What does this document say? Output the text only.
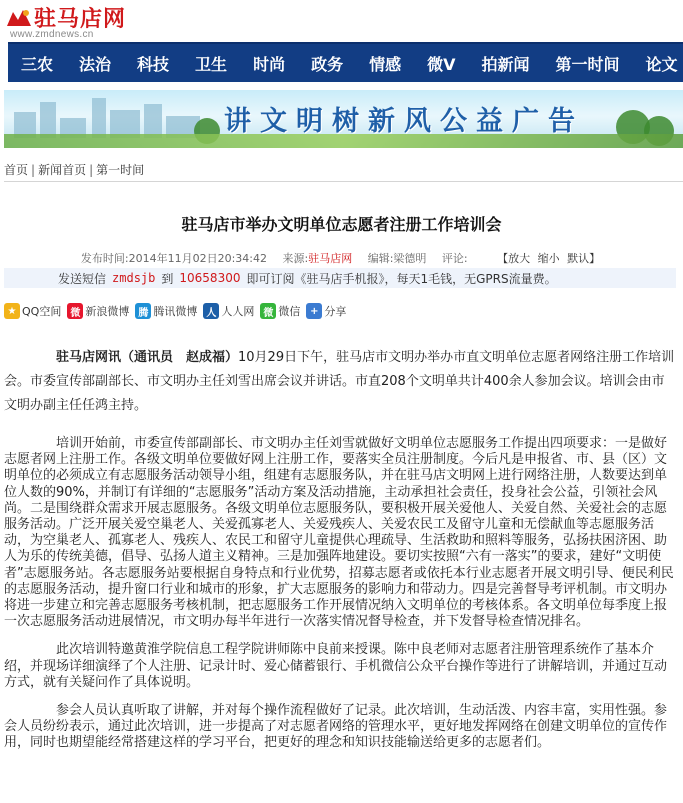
驻马店网
www.zmdnews.cn
三农	法治	科技	卫生	时尚	政务	情感	微V	拍新闻	第一时间	论文
讲文明树新风公益广告
首页 | 新闻首页 | 第一时间
驻马店市举办文明单位志愿者注册工作培训会
发布时间:2014年11月02日20:34:42 来源:驻马店网 编辑:梁德明 评论:	【放大 缩小 默认】
发送短信 zmdsjb 到 10658300 即可订阅《驻马店手机报》，每天1毛钱，无GPRS流量费。
★ QQ空间 微 新浪微博 腾 腾讯微博 人 人人网 微 微信 + 分享

驻马店网讯（通讯员　赵成福）10月29日下午，驻马店市文明办举办市直文明单位志愿者网络注册工作培训会。市委宣传部副部长、市文明办主任刘雪出席会议并讲话。市直208个文明单共计400余人参加会议。培训会由市文明办副主任任鸿主持。

培训开始前，市委宣传部副部长、市文明办主任刘雪就做好文明单位志愿服务工作提出四项要求：一是做好志愿者网上注册工作。各级文明单位要做好网上注册工作，要落实全员注册制度。今后凡是申报省、市、县（区）文明单位的必须成立有志愿服务活动领导小组，组建有志愿服务队，并在驻马店文明网上进行网络注册，人数要达到单位人数的90%，并制订有详细的“志愿服务”活动方案及活动措施，主动承担社会责任，投身社会公益，引领社会风尚。二是围绕群众需求开展志愿服务。各级文明单位志愿服务队，要积极开展关爱他人、关爱自然、关爱社会的志愿服务活动。广泛开展关爱空巢老人、关爱孤寡老人、关爱残疾人、关爱农民工及留守儿童和无偿献血等志愿服务活动，为空巢老人、孤寡老人、残疾人、农民工和留守儿童提供心理疏导、生活救助和照料等服务，弘扬扶困济困、助人为乐的传统美德，倡导、弘扬人道主义精神。三是加强阵地建设。要切实按照“六有一落实”的要求，建好“文明使者”志愿服务站。各志愿服务站要根据自身特点和行业优势，招募志愿者或依托本行业志愿者开展文明引导、便民利民的志愿服务活动，提升窗口行业和城市的形象，扩大志愿服务的影响力和带动力。四是完善督导考评机制。市文明办将进一步建立和完善志愿服务考核机制，把志愿服务工作开展情况纳入文明单位的考核体系。各文明单位每季度上报一次志愿服务活动进展情况，市文明办每半年进行一次落实情况督导检查，并下发督导检查情况排名。

此次培训特邀黄淮学院信息工程学院讲师陈中良前来授课。陈中良老师对志愿者注册管理系统作了基本介绍，并现场详细演绎了个人注册、记录计时、爱心储蓄银行、手机微信公众平台操作等进行了讲解培训，并通过互动方式，就有关疑问作了具体说明。

参会人员认真听取了讲解，并对每个操作流程做好了记录。此次培训，生动活泼、内容丰富，实用性强。参会人员纷纷表示，通过此次培训，进一步提高了对志愿者网络的管理水平，更好地发挥网络在创建文明单位的宣传作用，同时也期望能经常搭建这样的学习平台，把更好的理念和知识技能输送给更多的志愿者们。
